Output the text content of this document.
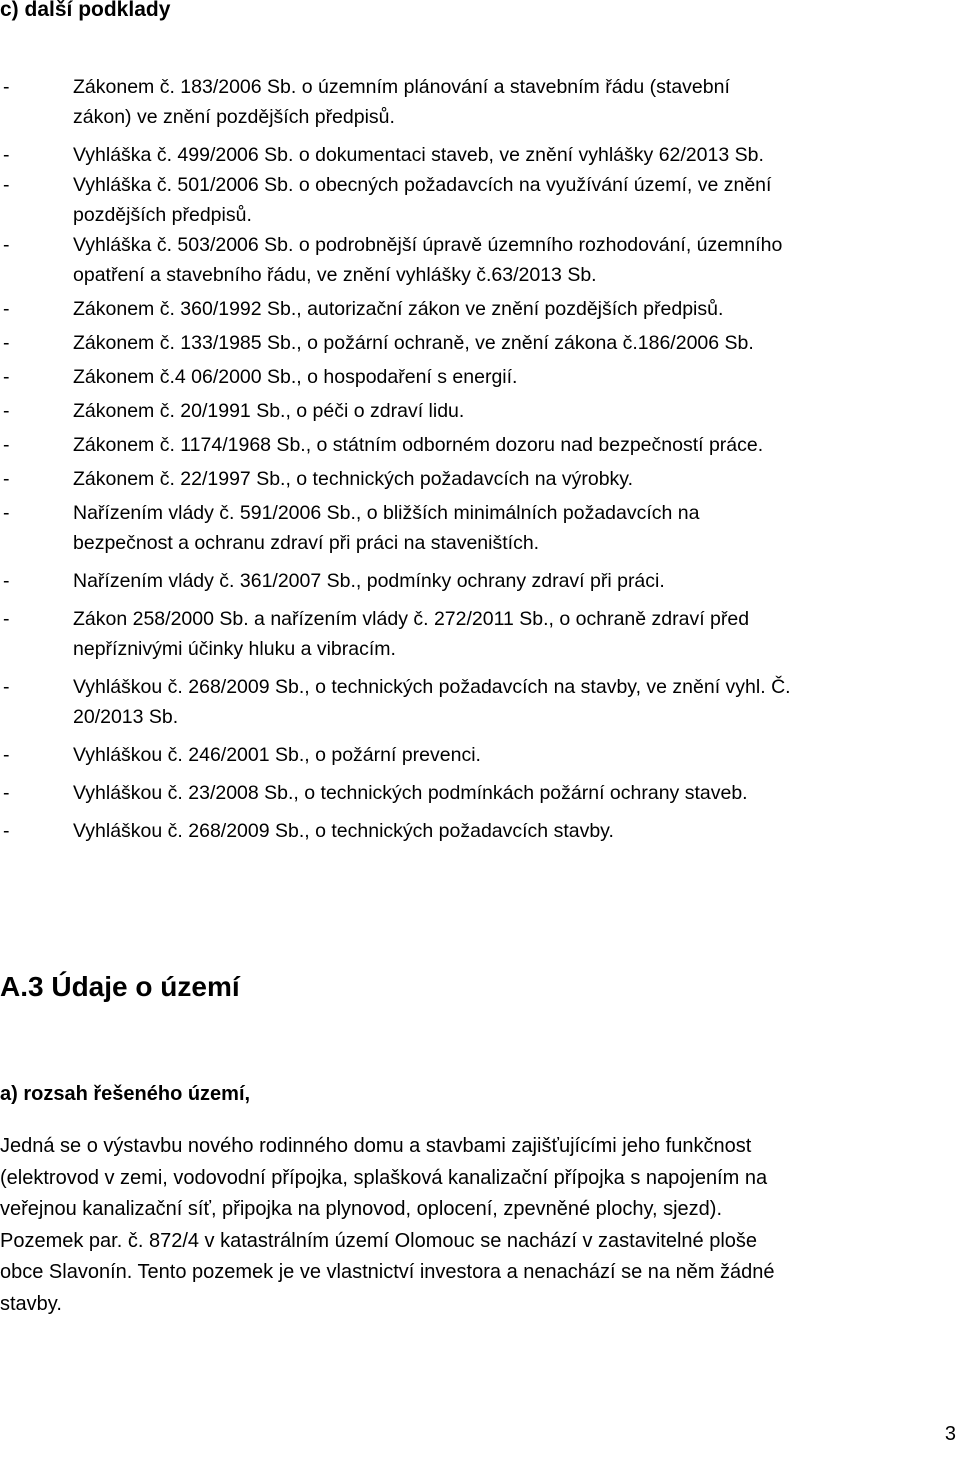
c) další podklady
-	Zákonem č. 183/2006 Sb. o územním plánování a stavebním řádu (stavební
zákon) ve znění pozdějších předpisů.
-	Vyhláška č. 499/2006 Sb. o dokumentaci staveb, ve znění vyhlášky 62/2013 Sb.
-	Vyhláška č. 501/2006 Sb. o obecných požadavcích na využívání území, ve znění
pozdějších předpisů.
-	Vyhláška č. 503/2006 Sb. o podrobnější úpravě územního rozhodování, územního
opatření a stavebního řádu, ve znění vyhlášky č.63/2013 Sb.
-	Zákonem č. 360/1992 Sb., autorizační zákon ve znění pozdějších předpisů.
-	Zákonem č. 133/1985 Sb., o požární ochraně, ve znění zákona č.186/2006 Sb.
-	Zákonem č.4 06/2000 Sb., o hospodaření s energií.
-	Zákonem č. 20/1991 Sb., o péči o zdraví lidu.
-	Zákonem č. 1174/1968 Sb., o státním odborném dozoru nad bezpečností práce.
-	Zákonem č. 22/1997 Sb., o technických požadavcích na výrobky.
-	Nařízením vlády č. 591/2006 Sb., o bližších minimálních požadavcích na
bezpečnost a ochranu zdraví při práci na staveništích.
-	Nařízením vlády č. 361/2007 Sb., podmínky ochrany zdraví při práci.
-	Zákon 258/2000 Sb. a nařízením vlády č. 272/2011 Sb., o ochraně zdraví před
nepříznivými účinky hluku a vibracím.
-	Vyhláškou č. 268/2009 Sb., o technických požadavcích na stavby, ve znění vyhl. Č.
20/2013 Sb.
-	Vyhláškou č. 246/2001 Sb., o požární prevenci.
-	Vyhláškou č. 23/2008 Sb., o technických podmínkách požární ochrany staveb.
-	Vyhláškou č. 268/2009 Sb., o technických požadavcích stavby.
A.3 Údaje o území
a) rozsah řešeného území,

Jedná se o výstavbu nového rodinného domu a stavbami zajišťujícími jeho funkčnost
(elektrovod v zemi, vodovodní přípojka, splašková kanalizační přípojka s napojením na
veřejnou kanalizační síť, připojka na plynovod, oplocení, zpevněné plochy, sjezd).
Pozemek par. č. 872/4 v katastrálním území Olomouc se nachází v zastavitelné ploše
obce Slavonín. Tento pozemek je ve vlastnictví investora a nenachází se na něm žádné
stavby.

3
